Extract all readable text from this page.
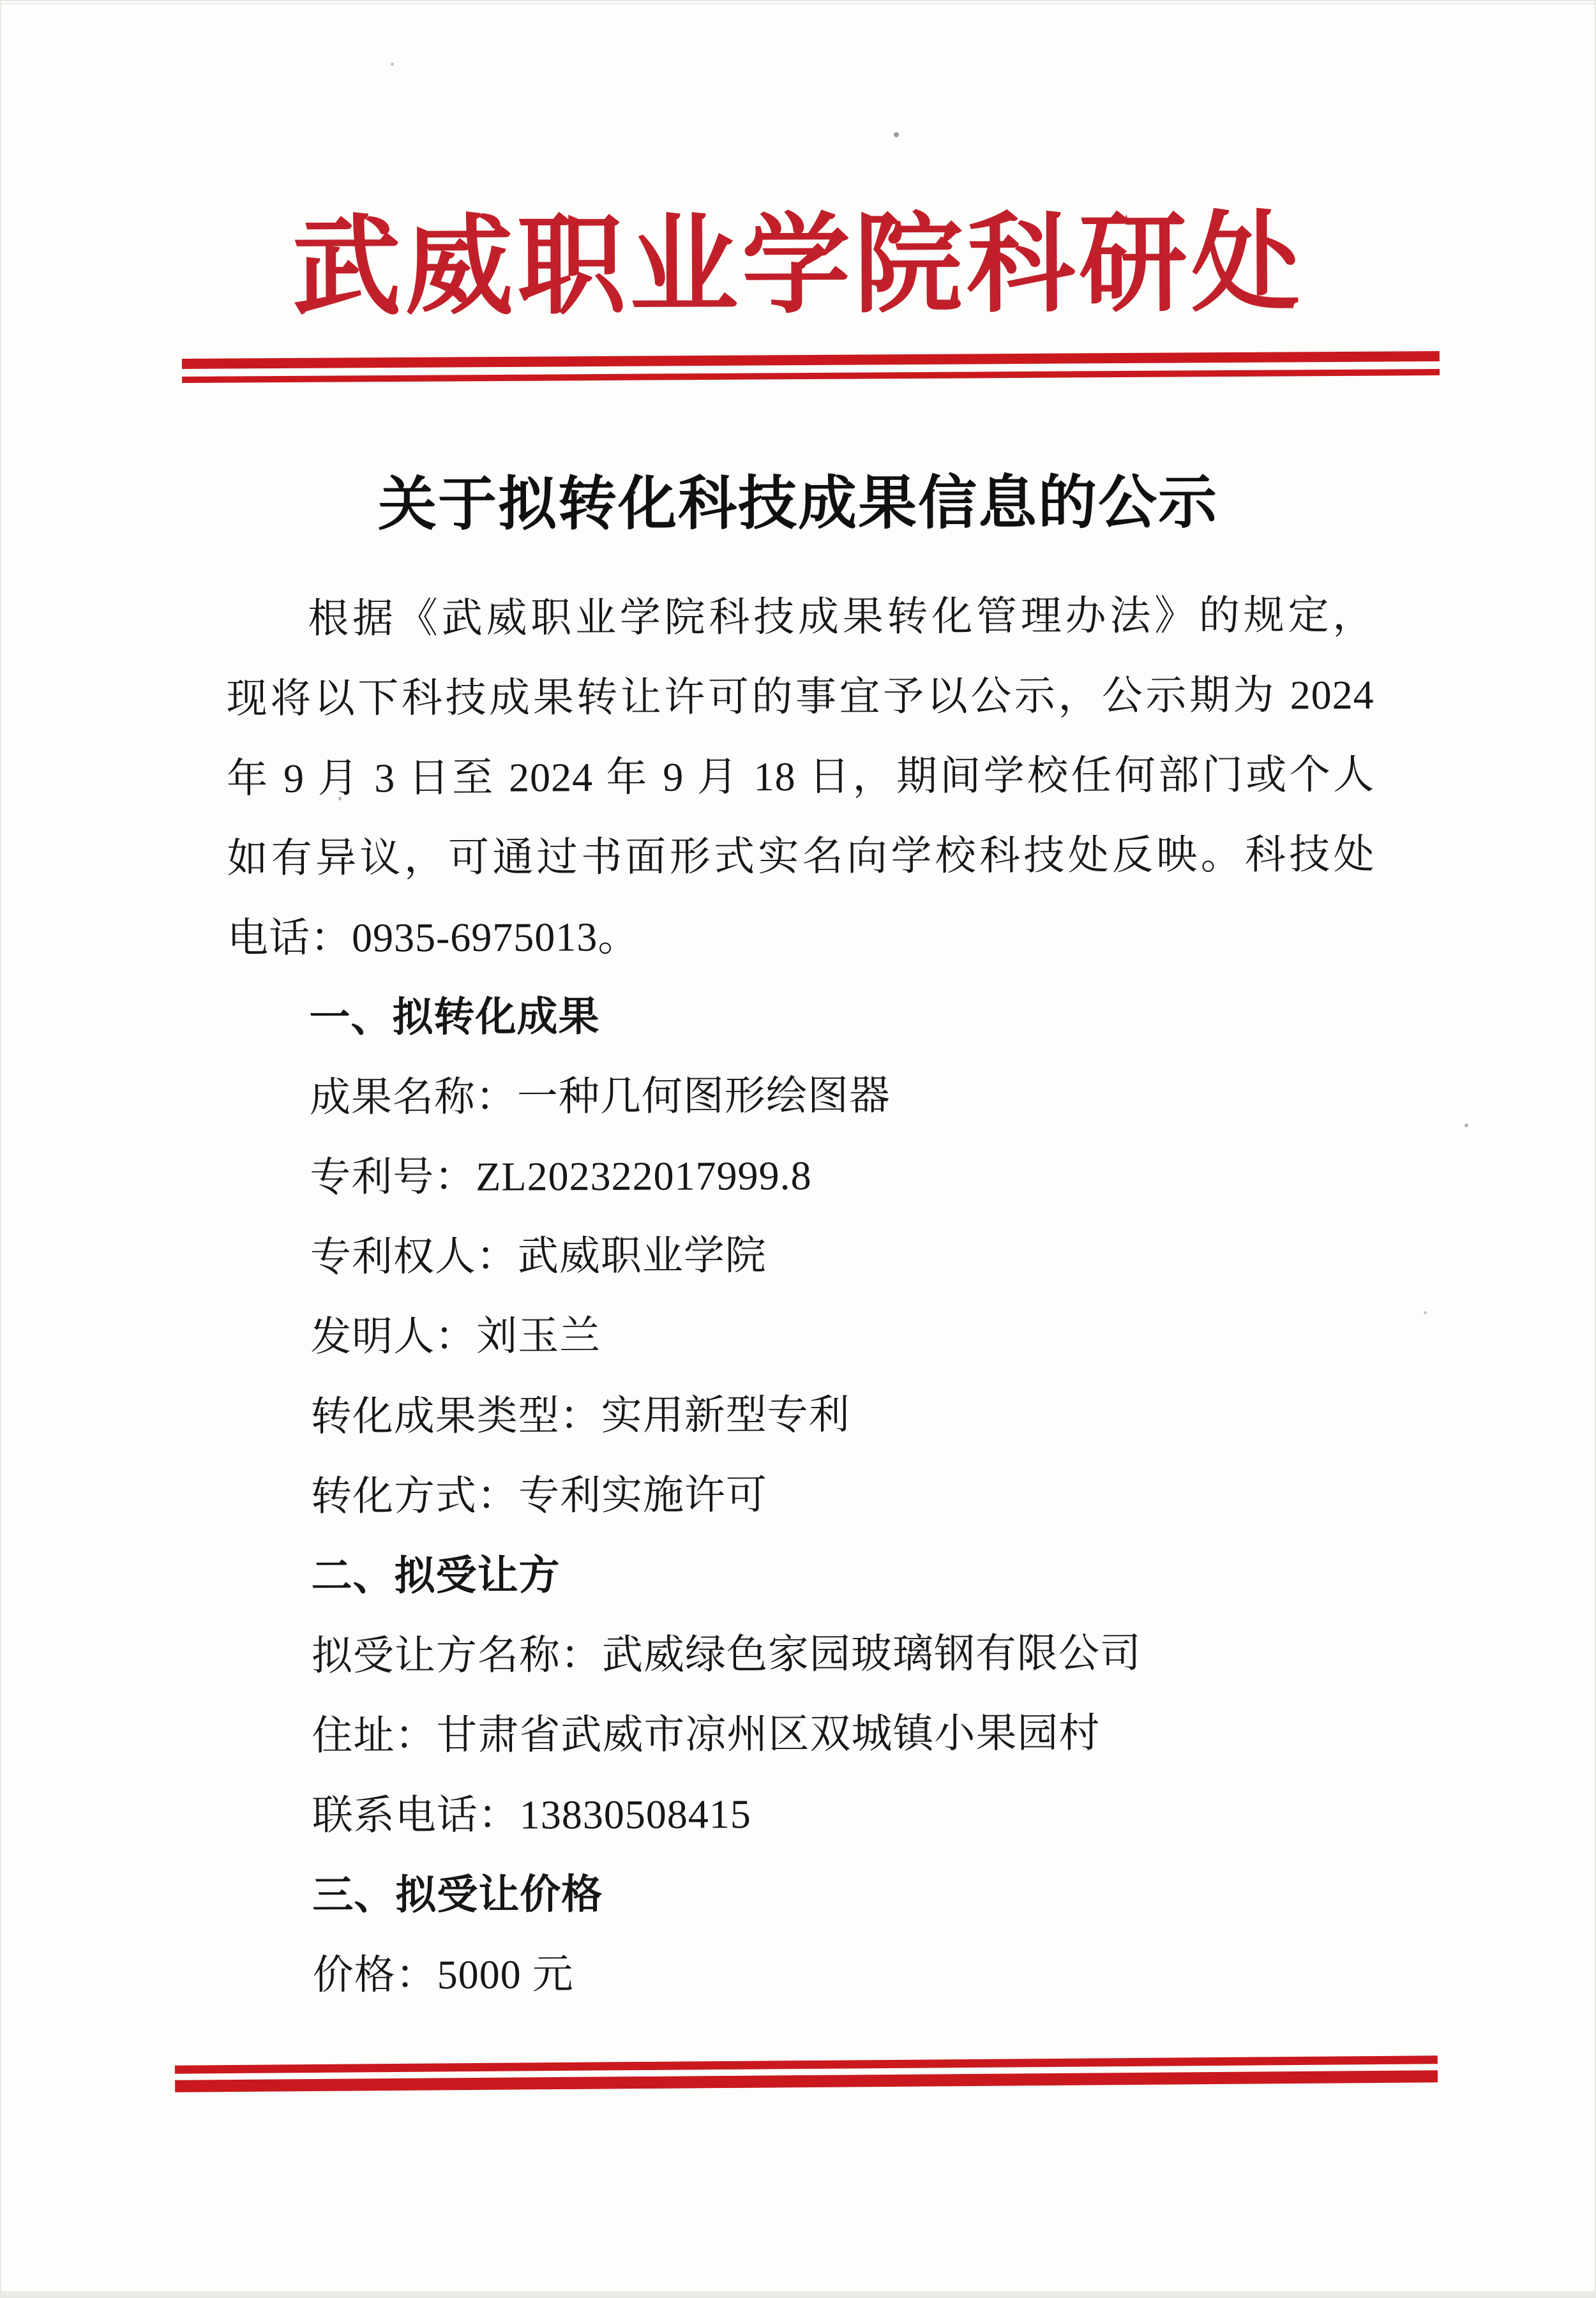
武威职业学院科研处
关于拟转化科技成果信息的公示
根据《武威职业学院科技成果转化管理办法》的规定，
现将以下科技成果转让许可的事宜予以公示，公示期为 2024
年 9 月 3 日至 2024 年 9 月 18 日，期间学校任何部门或个人
如有异议，可通过书面形式实名向学校科技处反映。科技处
电话：0935-6975013。
一、拟转化成果
成果名称：一种几何图形绘图器
专利号：ZL202322017999.8
专利权人：武威职业学院
发明人：刘玉兰
转化成果类型：实用新型专利
转化方式：专利实施许可
二、拟受让方
拟受让方名称：武威绿色家园玻璃钢有限公司
住址：甘肃省武威市凉州区双城镇小果园村
联系电话：13830508415
三、拟受让价格
价格：5000 元
